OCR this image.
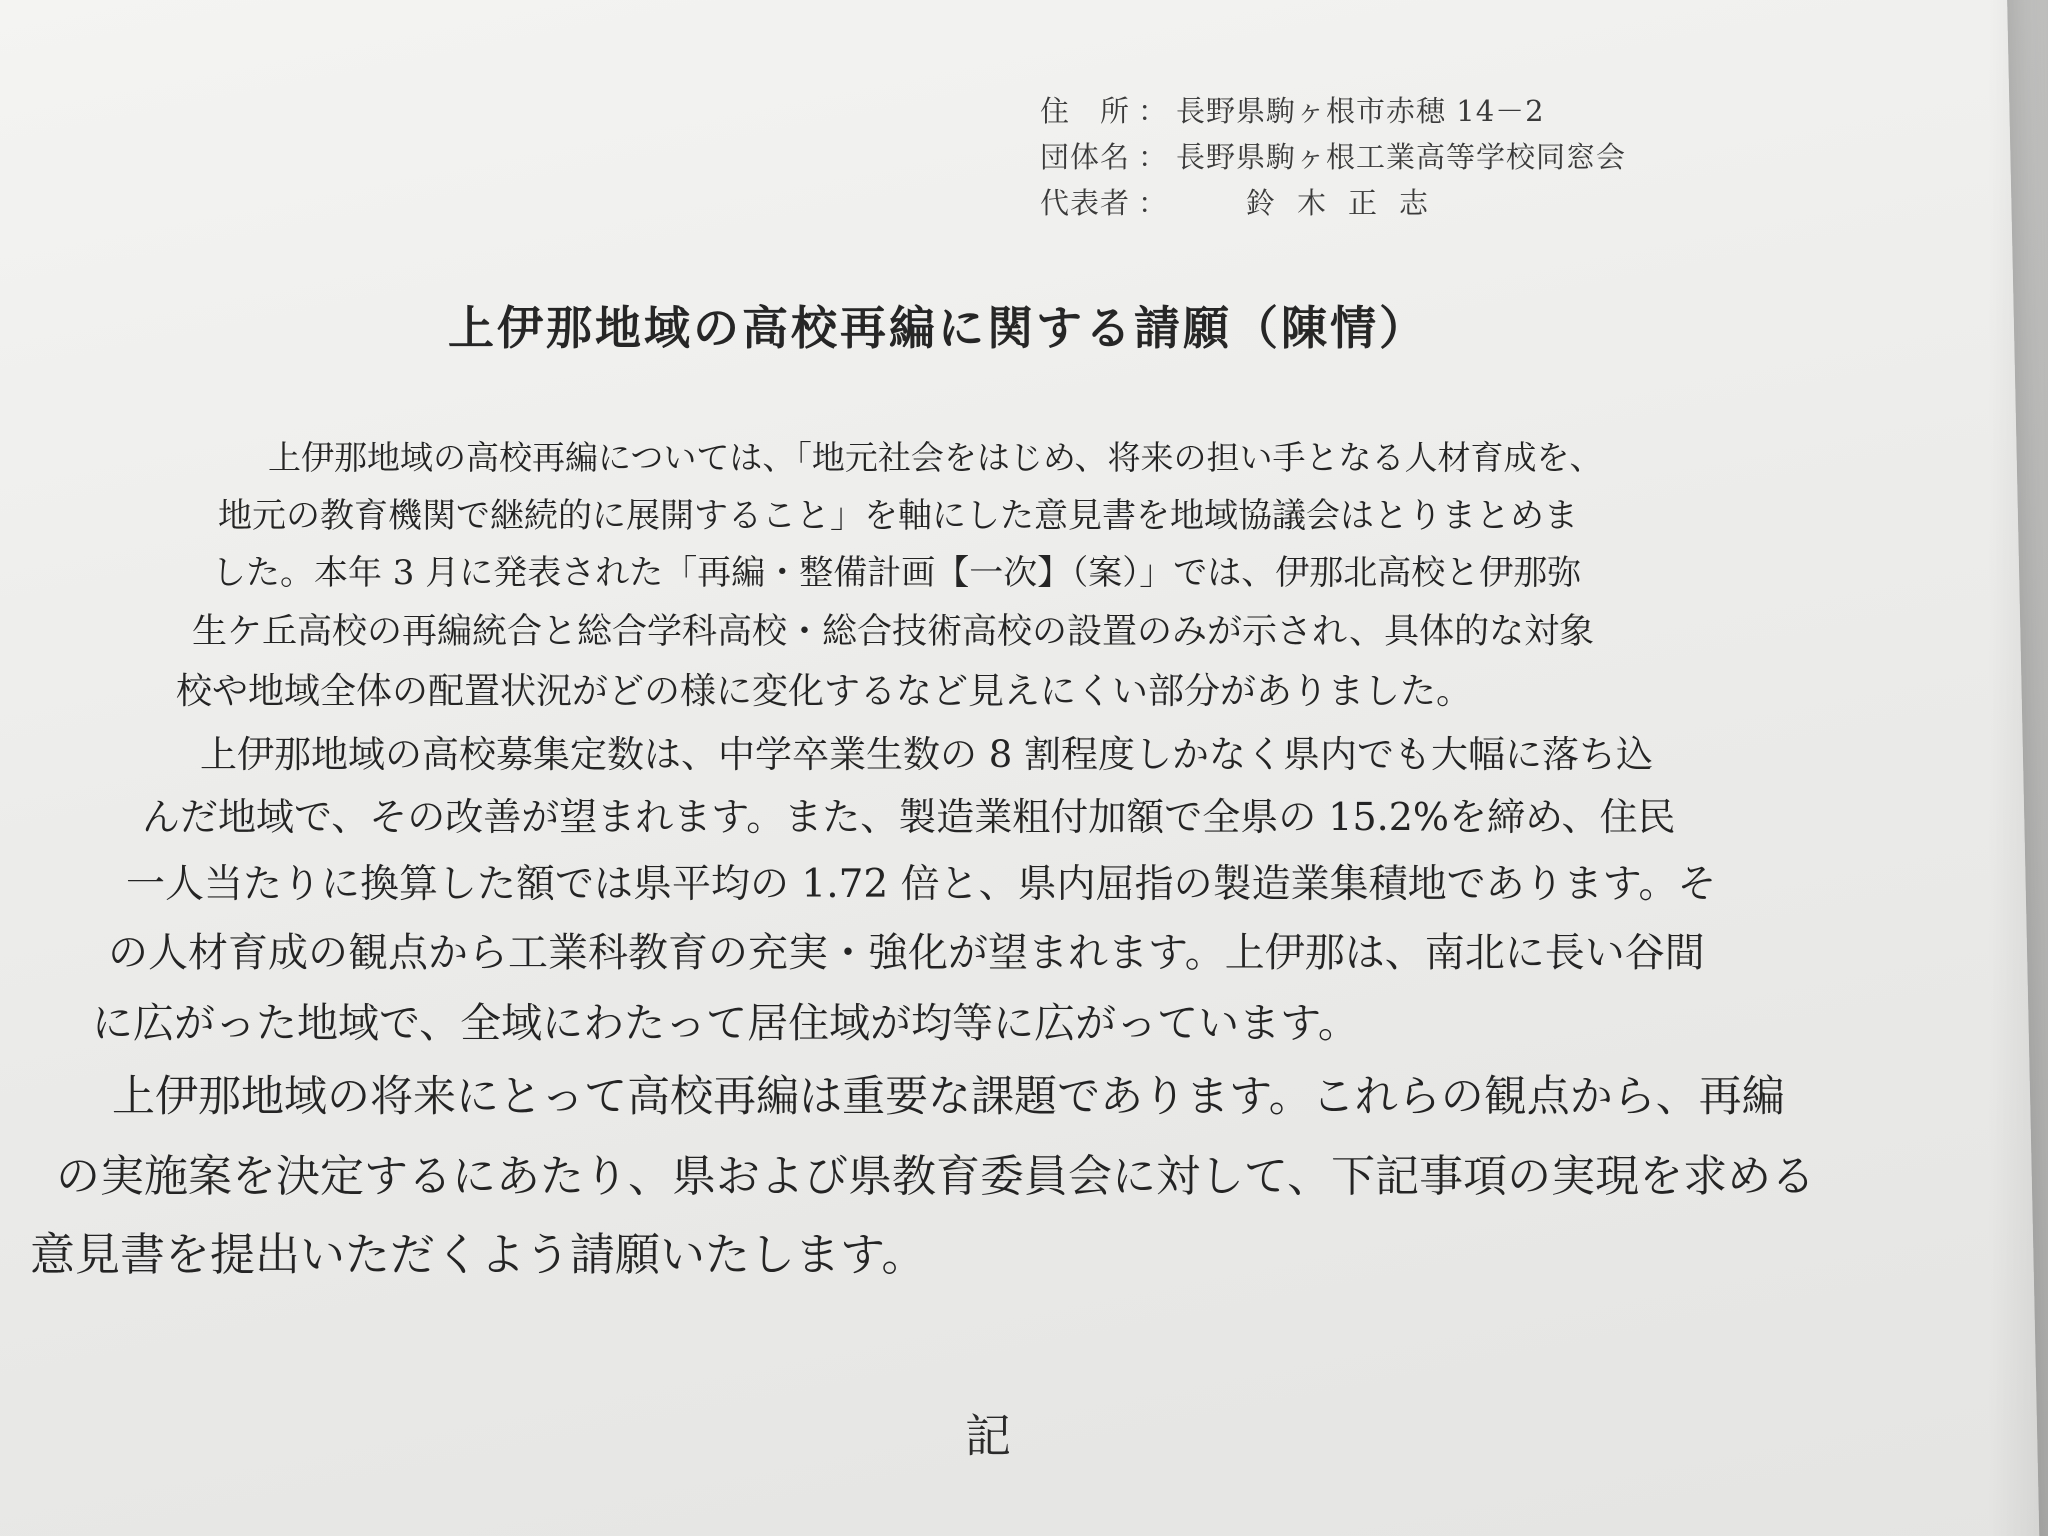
住　所 ： 長野県駒ヶ根市赤穂 14－2
団体名 ： 長野県駒ヶ根工業高等学校同窓会
代表者 ：	鈴木正志
上伊那地域の高校再編に関する請願（陳情）
上伊那地域の高校再編については、「地元社会をはじめ、将来の担い手となる人材育成を、
地元の教育機関で継続的に展開すること」を軸にした意見書を地域協議会はとりまとめま
した。本年 3 月に発表された「再編・整備計画【一次】（案）」では、伊那北高校と伊那弥
生ケ丘高校の再編統合と総合学科高校・総合技術高校の設置のみが示され、具体的な対象
校や地域全体の配置状況がどの様に変化するなど見えにくい部分がありました。
上伊那地域の高校募集定数は、中学卒業生数の 8 割程度しかなく県内でも大幅に落ち込
んだ地域で、その改善が望まれます。また、製造業粗付加額で全県の 15.2%を締め、住民
一人当たりに換算した額では県平均の 1.72 倍と、県内屈指の製造業集積地であります。そ
の人材育成の観点から工業科教育の充実・強化が望まれます。上伊那は、南北に長い谷間
に広がった地域で、全域にわたって居住域が均等に広がっています。
上伊那地域の将来にとって高校再編は重要な課題であります。これらの観点から、再編
の実施案を決定するにあたり、県および県教育委員会に対して、下記事項の実現を求める
意見書を提出いただくよう請願いたします。
記
